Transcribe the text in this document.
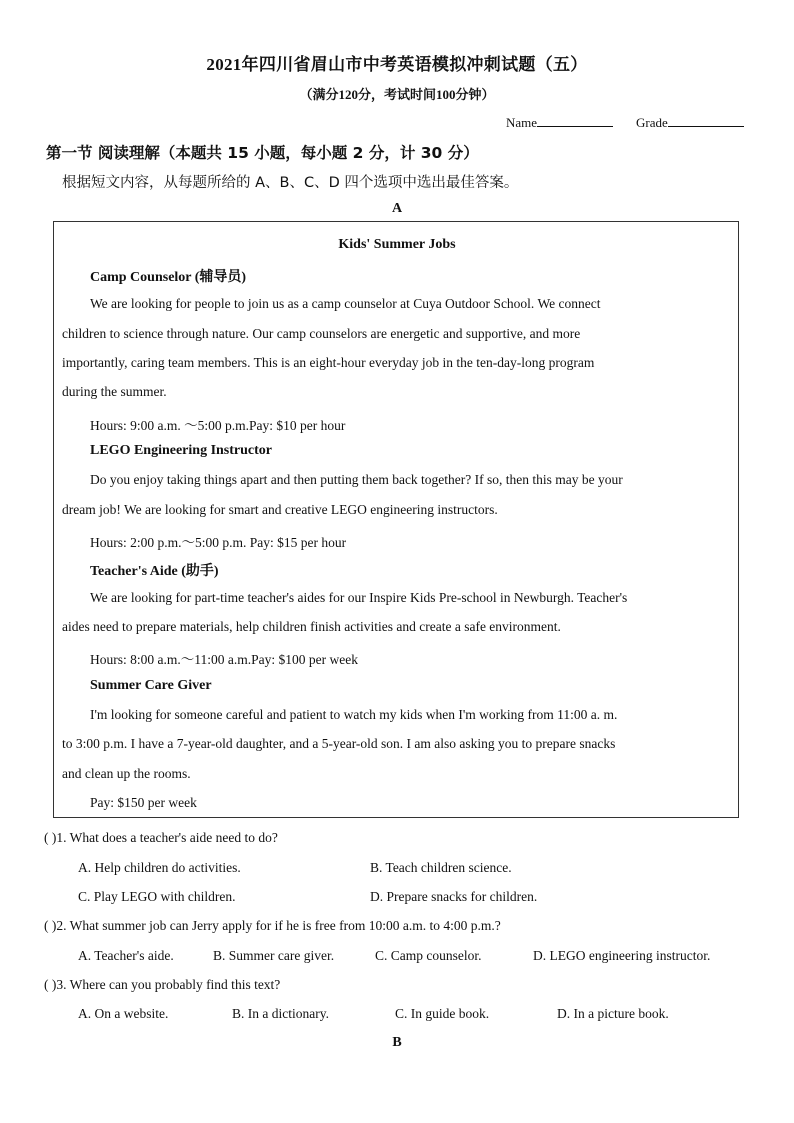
2021年四川省眉山市中考英语模拟冲刺试题（五）
（满分120分，考试时间100分钟）
Name	Grade
第一节 阅读理解（本题共 15 小题，每小题 2 分，计 30 分）
根据短文内容，从每题所给的 A、B、C、D 四个选项中选出最佳答案。
A
Kids' Summer Jobs
Camp Counselor (辅导员)
We are looking for people to join us as a camp counselor at Cuya Outdoor School. We connect
children to science through nature. Our camp counselors are energetic and supportive, and more
importantly, caring team members. This is an eight-hour everyday job in the ten-day-long program
during the summer.
Hours: 9:00 a.m. ～5:00 p.m.Pay: $10 per hour
LEGO Engineering Instructor
Do you enjoy taking things apart and then putting them back together? If so, then this may be your
dream job! We are looking for smart and creative LEGO engineering instructors.
Hours: 2:00 p.m.～5:00 p.m. Pay: $15 per hour
Teacher's Aide (助手)
We are looking for part-time teacher's aides for our Inspire Kids Pre-school in Newburgh. Teacher's
aides need to prepare materials, help children finish activities and create a safe environment.
Hours: 8:00 a.m.～11:00 a.m.Pay: $100 per week
Summer Care Giver
I'm looking for someone careful and patient to watch my kids when I'm working from 11:00 a. m.
to 3:00 p.m. I have a 7-year-old daughter, and a 5-year-old son. I am also asking you to prepare snacks
and clean up the rooms.
Pay: $150 per week
( )1. What does a teacher's aide need to do?
A. Help children do activities.	B. Teach children science.
C. Play LEGO with children.	D. Prepare snacks for children.
( )2. What summer job can Jerry apply for if he is free from 10:00 a.m. to 4:00 p.m.?
A. Teacher's aide.	B. Summer care giver.	C. Camp counselor.	D. LEGO engineering instructor.
( )3. Where can you probably find this text?
A. On a website.	B. In a dictionary.	C. In guide book.	D. In a picture book.
B
